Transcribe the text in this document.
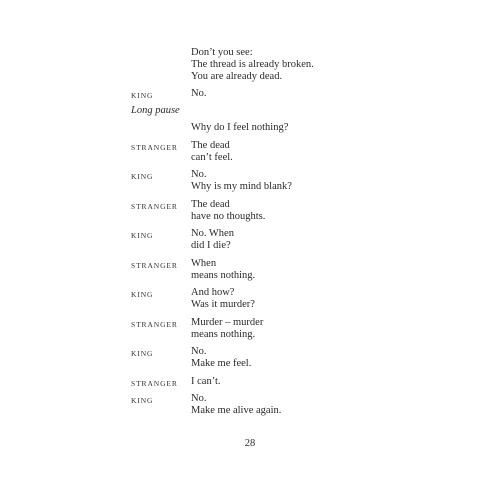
Don’t you see:
The thread is already broken.
You are already dead.
KING	No.
Long pause
Why do I feel nothing?
STRANGER The dead
can’t feel.
KING	No.
Why is my mind blank?
STRANGER The dead
have no thoughts.
KING	No. When
did I die?
STRANGER When
means nothing.
KING	And how?
Was it murder?
STRANGER Murder – murder
means nothing.
KING	No.
Make me feel.
STRANGER I can’t.
KING	No.
Make me alive again.
28
